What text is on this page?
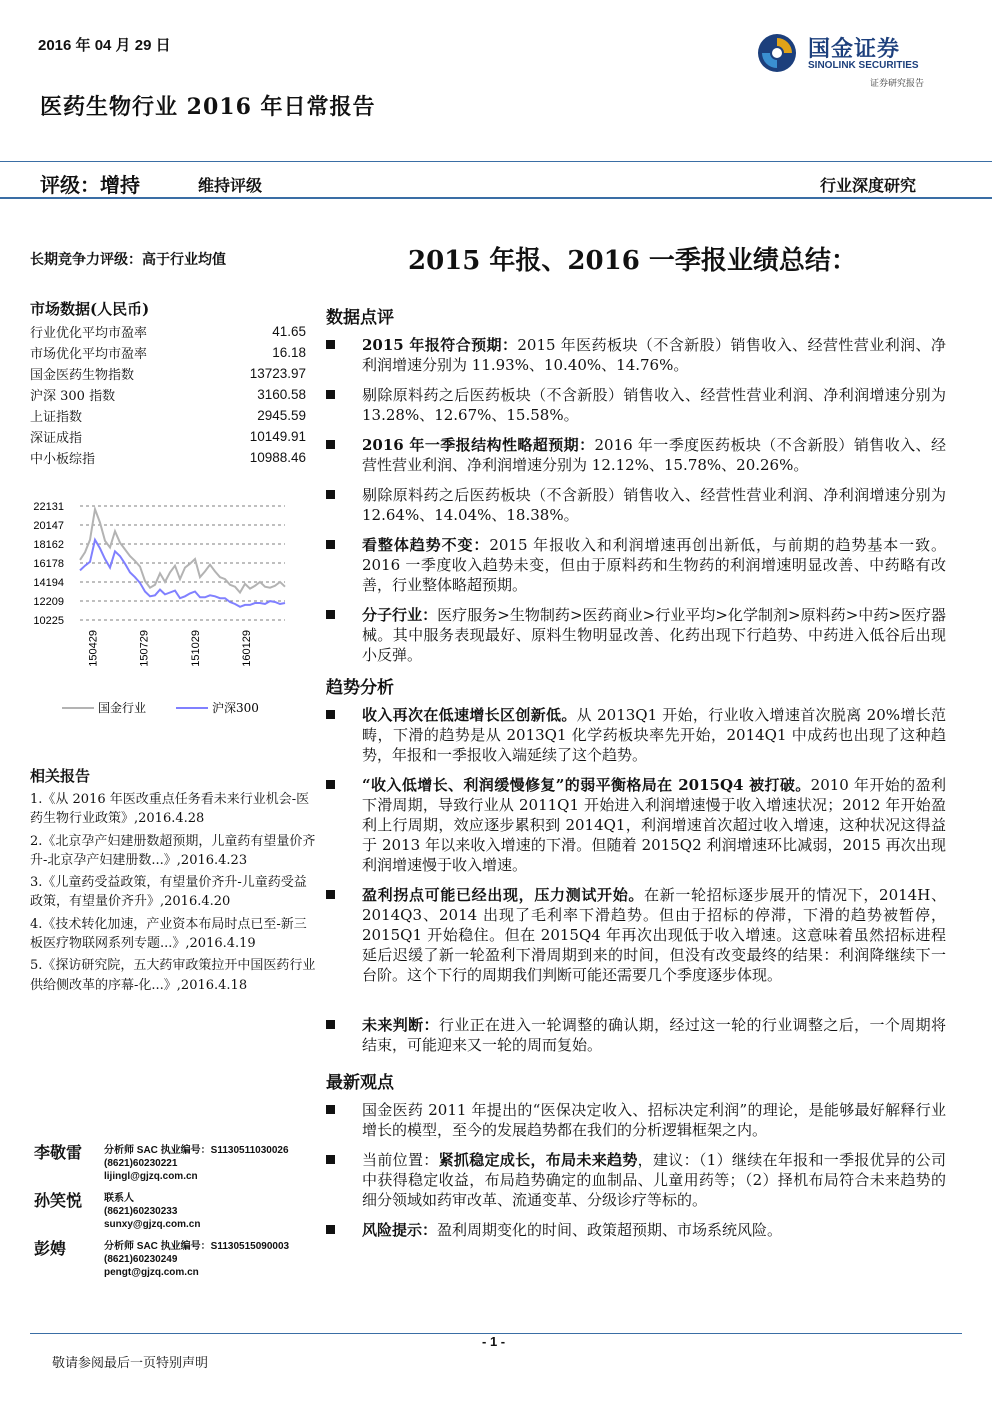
2016 年 04 月 29 日	国金证券
SINOLINK SECURITIES
证券研究报告
医药生物行业 2016 年日常报告
评级：增持	维持评级	行业深度研究
长期竞争力评级：高于行业均值	2015 年报、2016 一季报业绩总结：
市场数据(人民币)
行业优化平均市盈率	41.65
市场优化平均市盈率	16.18
国金医药生物指数	13723.97
沪深 300 指数	3160.58
上证指数	2945.59
深证成指	10149.91
中小板综指	10988.46
22131
20147
18162
16178
14194
12209
10225
150429	150729	151029	160129
国金行业	沪深300
相关报告

1.《从 2016 年医改重点任务看未来行业机会-医药生物行业政策》,2016.4.28

2.《北京孕产妇建册数超预期，儿童药有望量价齐升-北京孕产妇建册数...》,2016.4.23

3.《儿童药受益政策，有望量价齐升-儿童药受益政策，有望量价齐升》,2016.4.20

4.《技术转化加速，产业资本布局时点已至-新三板医疗物联网系列专题...》,2016.4.19

5.《探访研究院，五大药审政策拉开中国医药行业供给侧改革的序幕-化...》,2016.4.18

李敬雷 分析师 SAC 执业编号：S1130511030026
(8621)60230221
lijingl@gjzq.com.cn
孙笑悦 联系人
(8621)60230233
sunxy@gjzq.com.cn
彭娉	分析师 SAC 执业编号：S1130515090003
(8621)60230249
pengt@gjzq.com.cn
数据点评
2015 年报符合预期：2015 年医药板块（不含新股）销售收入、经营性营业利润、净利润增速分别为 11.93%、10.40%、14.76%。
剔除原料药之后医药板块（不含新股）销售收入、经营性营业利润、净利润增速分别为 13.28%、12.67%、15.58%。
2016 年一季报结构性略超预期：2016 年一季度医药板块（不含新股）销售收入、经营性营业利润、净利润增速分别为 12.12%、15.78%、20.26%。
剔除原料药之后医药板块（不含新股）销售收入、经营性营业利润、净利润增速分别为 12.64%、14.04%、18.38%。
看整体趋势不变：2015 年报收入和利润增速再创出新低，与前期的趋势基本一致。2016 一季度收入趋势未变，但由于原料药和生物药的利润增速明显改善、中药略有改善，行业整体略超预期。
分子行业：医疗服务>生物制药>医药商业>行业平均>化学制剂>原料药>中药>医疗器械。其中服务表现最好、原料生物明显改善、化药出现下行趋势、中药进入低谷后出现小反弹。
趋势分析
收入再次在低速增长区创新低。从 2013Q1 开始，行业收入增速首次脱离 20%增长范畴，下滑的趋势是从 2013Q1 化学药板块率先开始，2014Q1 中成药也出现了这种趋势，年报和一季报收入端延续了这个趋势。
“收入低增长、利润缓慢修复”的弱平衡格局在 2015Q4 被打破。2010 年开始的盈利下滑周期，导致行业从 2011Q1 开始进入利润增速慢于收入增速状况；2012 年开始盈利上行周期，效应逐步累积到 2014Q1，利润增速首次超过收入增速，这种状况这得益于 2013 年以来收入增速的下滑。但随着 2015Q2 利润增速环比减弱，2015 再次出现利润增速慢于收入增速。
盈利拐点可能已经出现，压力测试开始。在新一轮招标逐步展开的情况下，2014H、2014Q3、2014 出现了毛利率下滑趋势。但由于招标的停滞，下滑的趋势被暂停，2015Q1 开始稳住。但在 2015Q4 年再次出现低于收入增速。这意味着虽然招标进程延后迟缓了新一轮盈利下滑周期到来的时间，但没有改变最终的结果：利润降继续下一台阶。这个下行的周期我们判断可能还需要几个季度逐步体现。
未来判断：行业正在进入一轮调整的确认期，经过这一轮的行业调整之后，一个周期将结束，可能迎来又一轮的周而复始。
最新观点
国金医药 2011 年提出的“医保决定收入、招标决定利润”的理论，是能够最好解释行业增长的模型，至今的发展趋势都在我们的分析逻辑框架之内。
当前位置：紧抓稳定成长，布局未来趋势，建议：（1）继续在年报和一季报优异的公司中获得稳定收益，布局趋势确定的血制品、儿童用药等；（2）择机布局符合未来趋势的细分领域如药审改革、流通变革、分级诊疗等标的。
风险提示：盈利周期变化的时间、政策超预期、市场系统风险。
- 1 -
敬请参阅最后一页特别声明
